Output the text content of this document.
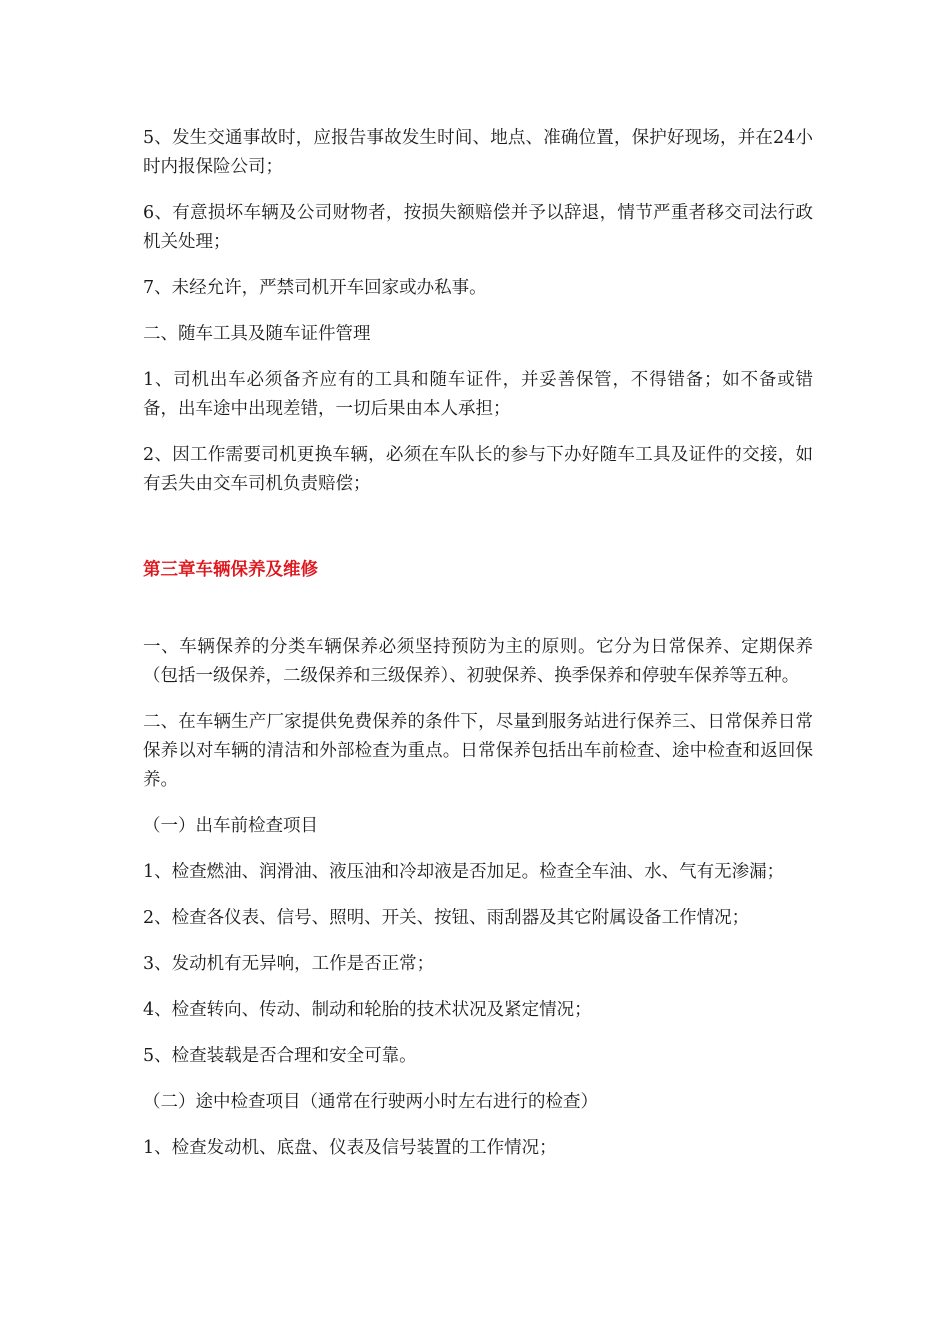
5、发生交通事故时，应报告事故发生时间、地点、准确位置，保护好现场，并在24小时内报保险公司；

6、有意损坏车辆及公司财物者，按损失额赔偿并予以辞退，情节严重者移交司法行政机关处理；

7、未经允许，严禁司机开车回家或办私事。

二、随车工具及随车证件管理

1、司机出车必须备齐应有的工具和随车证件，并妥善保管，不得错备；如不备或错备，出车途中出现差错，一切后果由本人承担；

2、因工作需要司机更换车辆，必须在车队长的参与下办好随车工具及证件的交接，如有丢失由交车司机负责赔偿；

第三章车辆保养及维修

一、车辆保养的分类车辆保养必须坚持预防为主的原则。它分为日常保养、定期保养（包括一级保养，二级保养和三级保养）、初驶保养、换季保养和停驶车保养等五种。

二、在车辆生产厂家提供免费保养的条件下，尽量到服务站进行保养三、日常保养日常保养以对车辆的清洁和外部检查为重点。日常保养包括出车前检查、途中检查和返回保养。

（一）出车前检查项目

1、检查燃油、润滑油、液压油和冷却液是否加足。检查全车油、水、气有无渗漏；

2、检查各仪表、信号、照明、开关、按钮、雨刮器及其它附属设备工作情况；

3、发动机有无异响，工作是否正常；

4、检查转向、传动、制动和轮胎的技术状况及紧定情况；

5、检查装载是否合理和安全可靠。

（二）途中检查项目（通常在行驶两小时左右进行的检查）

1、检查发动机、底盘、仪表及信号装置的工作情况；
